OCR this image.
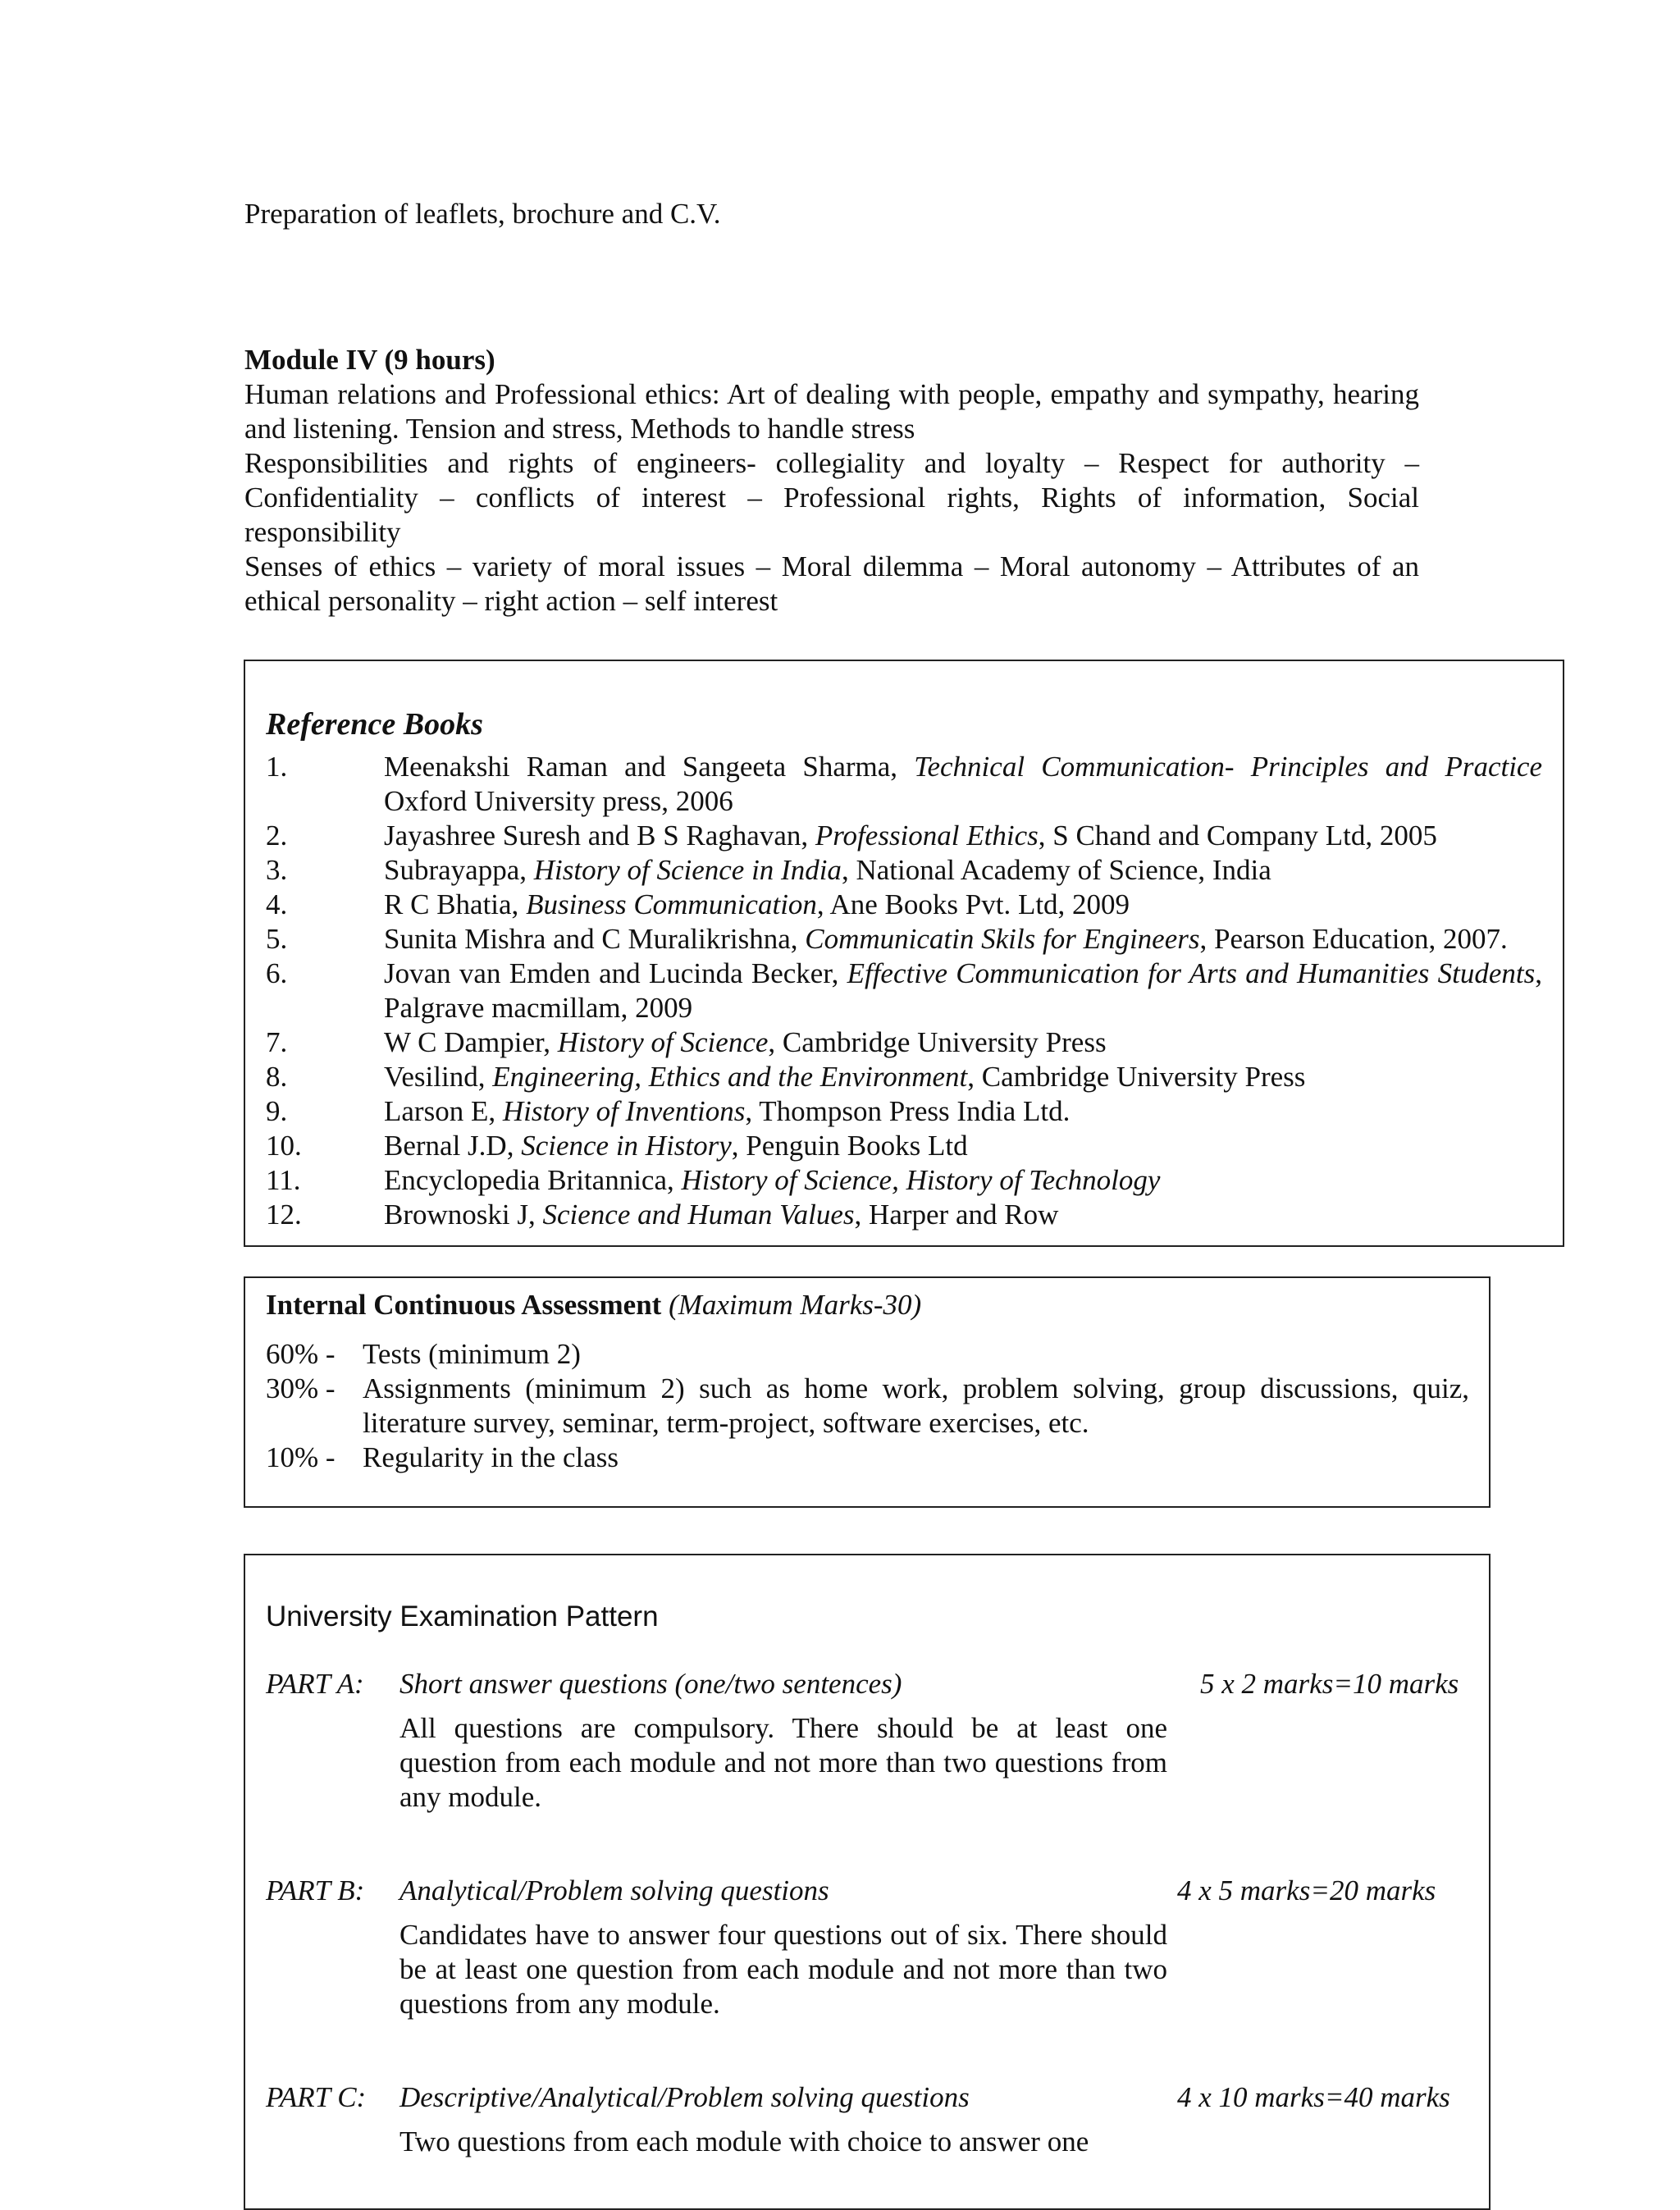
Preparation of leaflets, brochure and C.V.
Module IV (9 hours)
Human relations and Professional ethics: Art of dealing with people, empathy and sympathy, hearing and listening. Tension and stress, Methods to handle stress
Responsibilities and rights of engineers- collegiality and loyalty – Respect for authority – Confidentiality – conflicts of interest – Professional rights, Rights of information, Social responsibility
Senses of ethics – variety of moral issues – Moral dilemma – Moral autonomy – Attributes of an ethical personality – right action – self interest
Reference Books
1.	Meenakshi Raman and Sangeeta Sharma, Technical Communication- Principles and Practice Oxford University press, 2006
2.	Jayashree Suresh and B S Raghavan, Professional Ethics, S Chand and Company Ltd, 2005
3.	Subrayappa, History of Science in India, National Academy of Science, India
4.	R C Bhatia, Business Communication, Ane Books Pvt. Ltd, 2009
5.	Sunita Mishra and C Muralikrishna, Communicatin Skils for Engineers, Pearson Education, 2007.
6.	Jovan van Emden and Lucinda Becker, Effective Communication for Arts and Humanities Students, Palgrave macmillam, 2009
7.	W C Dampier, History of Science, Cambridge University Press
8.	Vesilind, Engineering, Ethics and the Environment, Cambridge University Press
9.	Larson E, History of Inventions, Thompson Press India Ltd.
10.	Bernal J.D, Science in History, Penguin Books Ltd
11.	Encyclopedia Britannica, History of Science, History of Technology
12.	Brownoski J, Science and Human Values, Harper and Row
Internal Continuous Assessment (Maximum Marks-30)
60% - Tests (minimum 2)
30% - Assignments (minimum 2) such as home work, problem solving, group discussions, quiz, literature survey, seminar, term-project, software exercises, etc.
10% - Regularity in the class
University Examination Pattern
PART A: Short answer questions (one/two sentences)	5 x 2 marks=10 marks
All questions are compulsory. There should be at least one question from each module and not more than two questions from any module.
PART B: Analytical/Problem solving questions	4 x 5 marks=20 marks
Candidates have to answer four questions out of six. There should be at least one question from each module and not more than two questions from any module.
PART C: Descriptive/Analytical/Problem solving questions	4 x 10 marks=40 marks
Two questions from each module with choice to answer one
